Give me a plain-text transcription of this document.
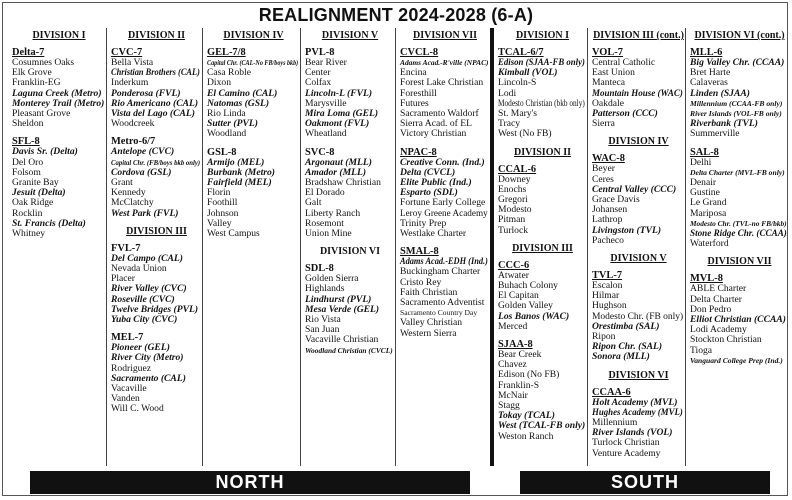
REALIGNMENT 2024-2028 (6-A)
DIVISION I
Delta-7
Cosumnes Oaks
Elk Grove
Franklin-EG
Laguna Creek (Metro)
Monterey Trail (Metro)
Pleasant Grove
Sheldon
SFL-8
Davis Sr. (Delta)
Del Oro
Folsom
Granite Bay
Jesuit (Delta)
Oak Ridge
Rocklin
St. Francis (Delta)
Whitney
DIVISION II
CVC-7
Bella Vista
Christian Brothers (CAL)
Inderkum
Ponderosa (FVL)
Rio Americano (CAL)
Vista del Lago (CAL)
Woodcreek
Metro-6/7
Antelope (CVC)
Capital Chr. (FB/boys bkb only)
Cordova (GSL)
Grant
Kennedy
McClatchy
West Park (FVL)
DIVISION III
FVL-7
Del Campo (CAL)
Nevada Union
Placer
River Valley (CVC)
Roseville (CVC)
Twelve Bridges (PVL)
Yuba City (CVC)
MEL-7
Pioneer (GEL)
River City (Metro)
Rodriguez
Sacramento (CAL)
Vacaville
Vanden
Will C. Wood
DIVISION IV
GEL-7/8
Capital Chr. (CAL-No FB/boys bkb)
Casa Roble
Dixon
El Camino (CAL)
Natomas (GSL)
Rio Linda
Sutter (PVL)
Woodland
GSL-8
Armijo (MEL)
Burbank (Metro)
Fairfield (MEL)
Florin
Foothill
Johnson
Valley
West Campus
DIVISION V
PVL-8
Bear River
Center
Colfax
Lincoln-L (FVL)
Marysville
Mira Loma (GEL)
Oakmont (FVL)
Wheatland
SVC-8
Argonaut (MLL)
Amador (MLL)
Bradshaw Christian
El Dorado
Galt
Liberty Ranch
Rosemont
Union Mine
DIVISION VI
SDL-8
Golden Sierra
Highlands
Lindhurst (PVL)
Mesa Verde (GEL)
Rio Vista
San Juan
Vacaville Christian
Woodland Christian (CVCL)
DIVISION VII
CVCL-8
Adams Acad.-R'ville (NPAC)
Encina
Forest Lake Christian
Foresthill
Futures
Sacramento Waldorf
Sierra Acad. of EL
Victory Christian
NPAC-8
Creative Conn. (Ind.)
Delta (CVCL)
Elite Public (Ind.)
Esparto (SDL)
Fortune Early College
Leroy Greene Academy
Trinity Prep
Westlake Charter
SMAL-8
Adams Acad.-EDH (Ind.)
Buckingham Charter
Cristo Rey
Faith Christian
Sacramento Adventist
Sacramento Country Day
Valley Christian
Western Sierra
DIVISION I
TCAL-6/7
Edison (SJAA-FB only)
Kimball (VOL)
Lincoln-S
Lodi
Modesto Christian (bkb only)
St. Mary's
Tracy
West (No FB)
DIVISION II
CCAL-6
Downey
Enochs
Gregori
Modesto
Pitman
Turlock
DIVISION III
CCC-6
Atwater
Buhach Colony
El Capitan
Golden Valley
Los Banos (WAC)
Merced
SJAA-8
Bear Creek
Chavez
Edison (No FB)
Franklin-S
McNair
Stagg
Tokay (TCAL)
West (TCAL-FB only)
Weston Ranch
DIVISION III (cont.)
VOL-7
Central Catholic
East Union
Manteca
Mountain House (WAC)
Oakdale
Patterson (CCC)
Sierra
DIVISION IV
WAC-8
Beyer
Ceres
Central Valley (CCC)
Grace Davis
Johansen
Lathrop
Livingston (TVL)
Pacheco
DIVISION V
TVL-7
Escalon
Hilmar
Hughson
Modesto Chr. (FB only)
Orestimba (SAL)
Ripon
Ripon Chr. (SAL)
Sonora (MLL)
DIVISION VI
CCAA-6
Holt Academy (MVL)
Hughes Academy (MVL)
Millennium
River Islands (VOL)
Turlock Christian
Venture Academy
DIVISION VI (cont.)
MLL-6
Big Valley Chr. (CCAA)
Bret Harte
Calaveras
Linden (SJAA)
Millennium (CCAA-FB only)
River Islands (VOL-FB only)
Riverbank (TVL)
Summerville
SAL-8
Delhi
Delta Charter (MVL-FB only)
Denair
Gustine
Le Grand
Mariposa
Modesto Chr. (TVL-no FB/bkb)
Stone Ridge Chr. (CCAA)
Waterford
DIVISION VII
MVL-8
ABLE Charter
Delta Charter
Don Pedro
Elliot Christian (CCAA)
Lodi Academy
Stockton Christian
Tioga
Vanguard College Prep (Ind.)
NORTH	SOUTH
